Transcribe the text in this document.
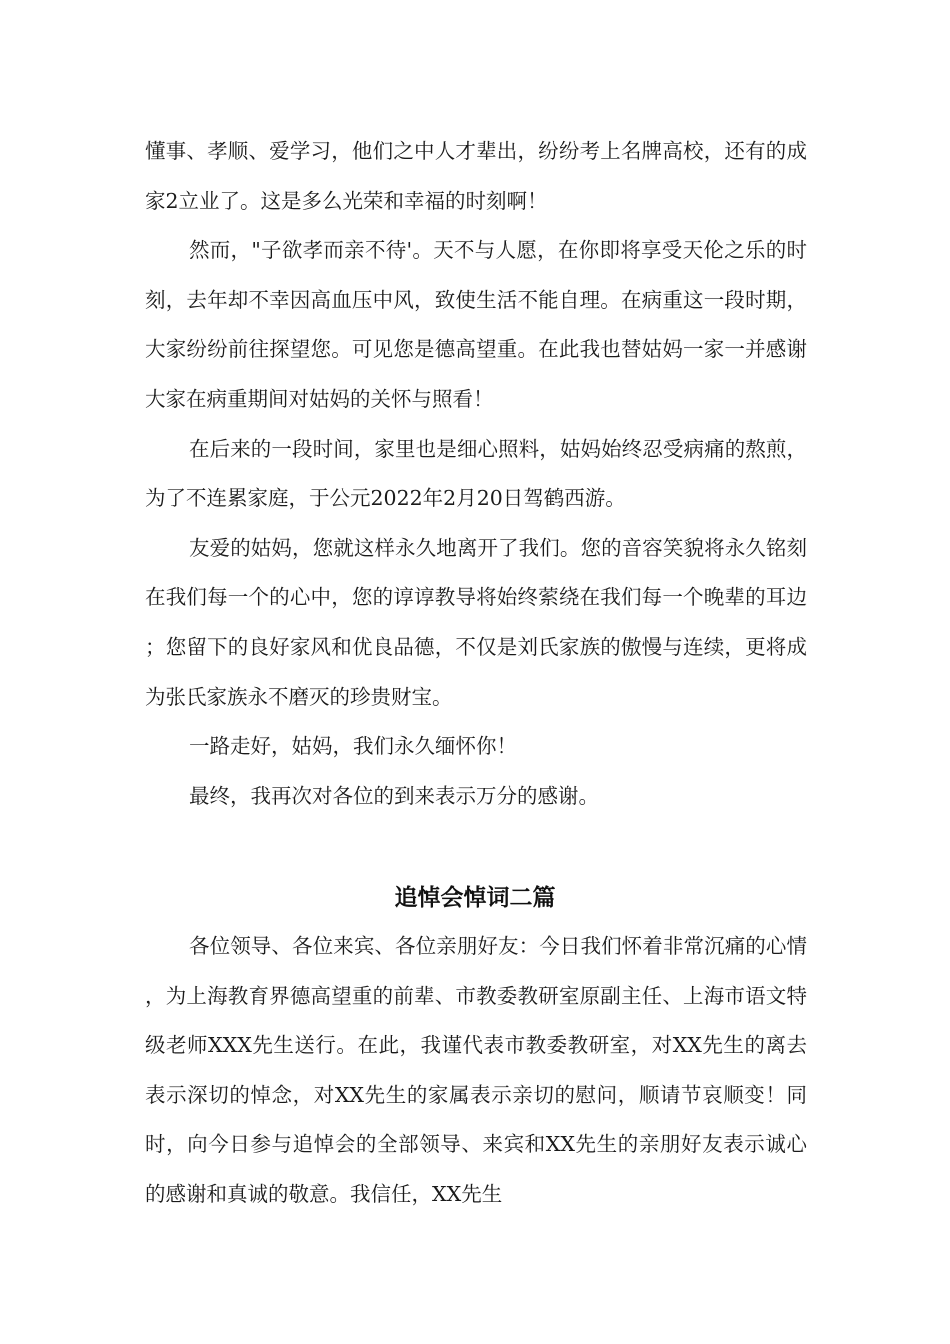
懂事、孝顺、爱学习，他们之中人才辈出，纷纷考上名牌高校，还有的成家2立业了。这是多么光荣和幸福的时刻啊！

然而，"子欲孝而亲不待'。天不与人愿，在你即将享受天伦之乐的时刻，去年却不幸因高血压中风，致使生活不能自理。在病重这一段时期，大家纷纷前往探望您。可见您是德高望重。在此我也替姑妈一家一并感谢大家在病重期间对姑妈的关怀与照看！

在后来的一段时间，家里也是细心照料，姑妈始终忍受病痛的熬煎，为了不连累家庭，于公元2022年2月20日驾鹤西游。

友爱的姑妈，您就这样永久地离开了我们。您的音容笑貌将永久铭刻在我们每一个的心中，您的谆谆教导将始终萦绕在我们每一个晚辈的耳边；您留下的良好家风和优良品德，不仅是刘氏家族的傲慢与连续，更将成为张氏家族永不磨灭的珍贵财宝。

一路走好，姑妈，我们永久缅怀你！

最终，我再次对各位的到来表示万分的感谢。

追悼会悼词二篇

各位领导、各位来宾、各位亲朋好友：今日我们怀着非常沉痛的心情，为上海教育界德高望重的前辈、市教委教研室原副主任、上海市语文特级老师XXX先生送行。在此，我谨代表市教委教研室，对XX先生的离去表示深切的悼念，对XX先生的家属表示亲切的慰问，顺请节哀顺变！同时，向今日参与追悼会的全部领导、来宾和XX先生的亲朋好友表示诚心的感谢和真诚的敬意。我信任，XX先生
